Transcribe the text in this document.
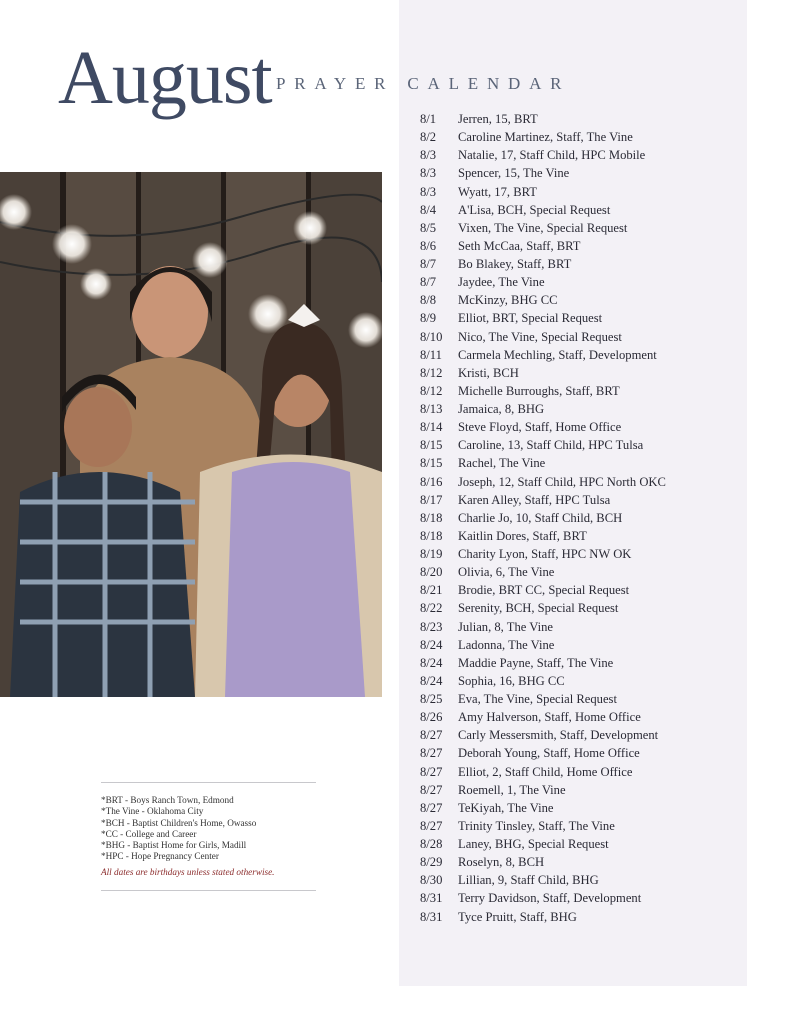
August PRAYER CALENDAR
8/1	Jerren, 15, BRT
8/2	Caroline Martinez, Staff, The Vine
8/3	Natalie, 17, Staff Child, HPC Mobile
8/3	Spencer, 15, The Vine
8/3	Wyatt, 17, BRT
8/4	A'Lisa, BCH, Special Request
8/5	Vixen, The Vine, Special Request
8/6	Seth McCaa, Staff, BRT
8/7	Bo Blakey, Staff, BRT
8/7	Jaydee, The Vine
8/8	McKinzy, BHG CC
8/9	Elliot, BRT, Special Request
8/10	Nico, The Vine, Special Request
8/11	Carmela Mechling, Staff, Development
8/12	Kristi, BCH
8/12	Michelle Burroughs, Staff, BRT
8/13	Jamaica, 8, BHG
8/14	Steve Floyd, Staff, Home Office
8/15	Caroline, 13, Staff Child, HPC Tulsa
8/15	Rachel, The Vine
8/16	Joseph, 12, Staff Child, HPC North OKC
8/17	Karen Alley, Staff, HPC Tulsa
8/18	Charlie Jo, 10, Staff Child, BCH
8/18	Kaitlin Dores, Staff, BRT
8/19	Charity Lyon, Staff, HPC NW OK
8/20	Olivia, 6, The Vine
8/21	Brodie, BRT CC, Special Request
8/22	Serenity, BCH, Special Request
8/23	Julian, 8, The Vine
8/24	Ladonna, The Vine
8/24	Maddie Payne, Staff, The Vine
8/24	Sophia, 16, BHG CC
8/25	Eva, The Vine, Special Request
8/26	Amy Halverson, Staff, Home Office
8/27	Carly Messersmith, Staff, Development
8/27	Deborah Young, Staff, Home Office
8/27	Elliot, 2, Staff Child, Home Office
8/27	Roemell, 1, The Vine
8/27	TeKiyah, The Vine
8/27	Trinity Tinsley, Staff, The Vine
8/28	Laney, BHG, Special Request
8/29	Roselyn, 8, BCH
8/30	Lillian, 9, Staff Child, BHG
8/31	Terry Davidson, Staff, Development
8/31	Tyce Pruitt, Staff, BHG
*BRT - Boys Ranch Town, Edmond
*The Vine - Oklahoma City
*BCH - Baptist Children's Home, Owasso
*CC - College and Career
*BHG - Baptist Home for Girls, Madill
*HPC - Hope Pregnancy Center
All dates are birthdays unless stated otherwise.
